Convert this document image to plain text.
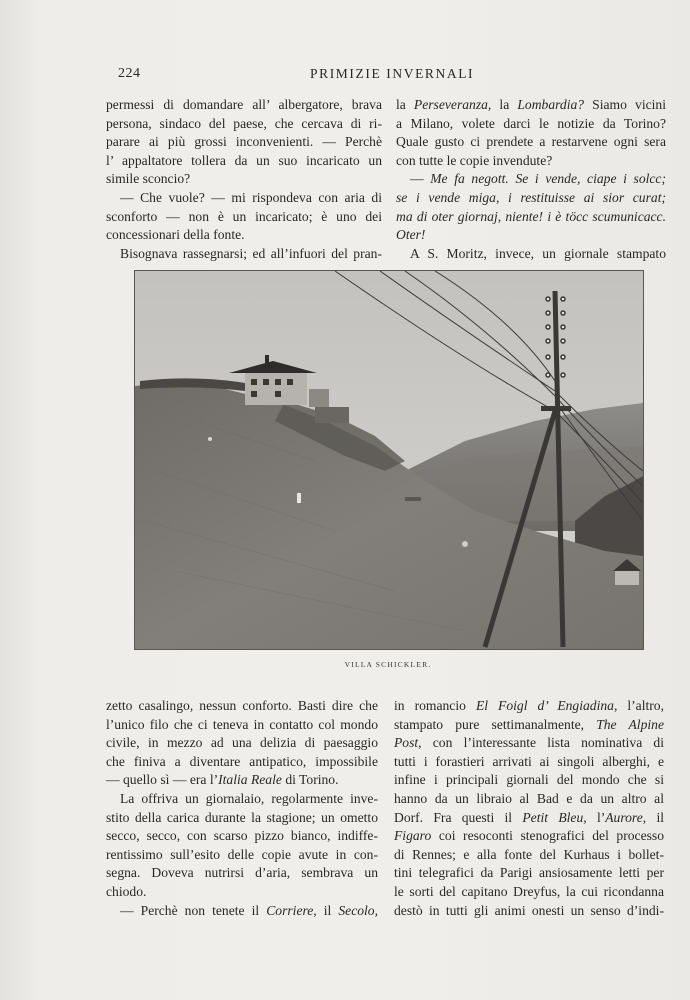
224	PRIMIZIE INVERNALI
permessi di domandare all’ albergatore, brava
persona, sindaco del paese, che cercava di ri-
parare ai più grossi inconvenienti. — Perchè
l’ appaltatore tollera da un suo incaricato un
simile sconcio?
— Che vuole? — mi rispondeva con aria di
sconforto — non è un incaricato; è uno dei
concessionari della fonte.
Bisognava rassegnarsi; ed all’infuori del pran-
la Perseveranza, la Lombardia? Siamo vicini
a Milano, volete darci le notizie da Torino?
Quale gusto ci prendete a restarvene ogni sera
con tutte le copie invendute?
— Me fa negott. Se i vende, ciape i solcc;
se i vende miga, i restituisse ai sior curat;
ma di oter giornaj, niente! i è töcc scumunicacc.
Oter!
A S. Moritz, invece, un giornale stampato
VILLA SCHICKLER.
zetto casalingo, nessun conforto. Basti dire che
l’unico filo che ci teneva in contatto col mondo
civile, in mezzo ad una delizia di paesaggio
che finiva a diventare antipatico, impossibile
— quello sì — era l’Italia Reale di Torino.
La offriva un giornalaio, regolarmente inve-
stito della carica durante la stagione; un ometto
secco, secco, con scarso pizzo bianco, indiffe-
rentissimo sull’esito delle copie avute in con-
segna. Doveva nutrirsi d’aria, sembrava un
chiodo.
— Perchè non tenete il Corriere, il Secolo,
in romancio El Foigl d’ Engiadina, l’altro,
stampato pure settimanalmente, The Alpine
Post, con l’interessante lista nominativa di
tutti i forastieri arrivati ai singoli alberghi, e
infine i principali giornali del mondo che si
hanno da un libraio al Bad e da un altro al
Dorf. Fra questi il Petit Bleu, l’Aurore, il
Figaro coi resoconti stenografici del processo
di Rennes; e alla fonte del Kurhaus i bollet-
tini telegrafici da Parigi ansiosamente letti per
le sorti del capitano Dreyfus, la cui ricondanna
destò in tutti gli animi onesti un senso d’indi-
